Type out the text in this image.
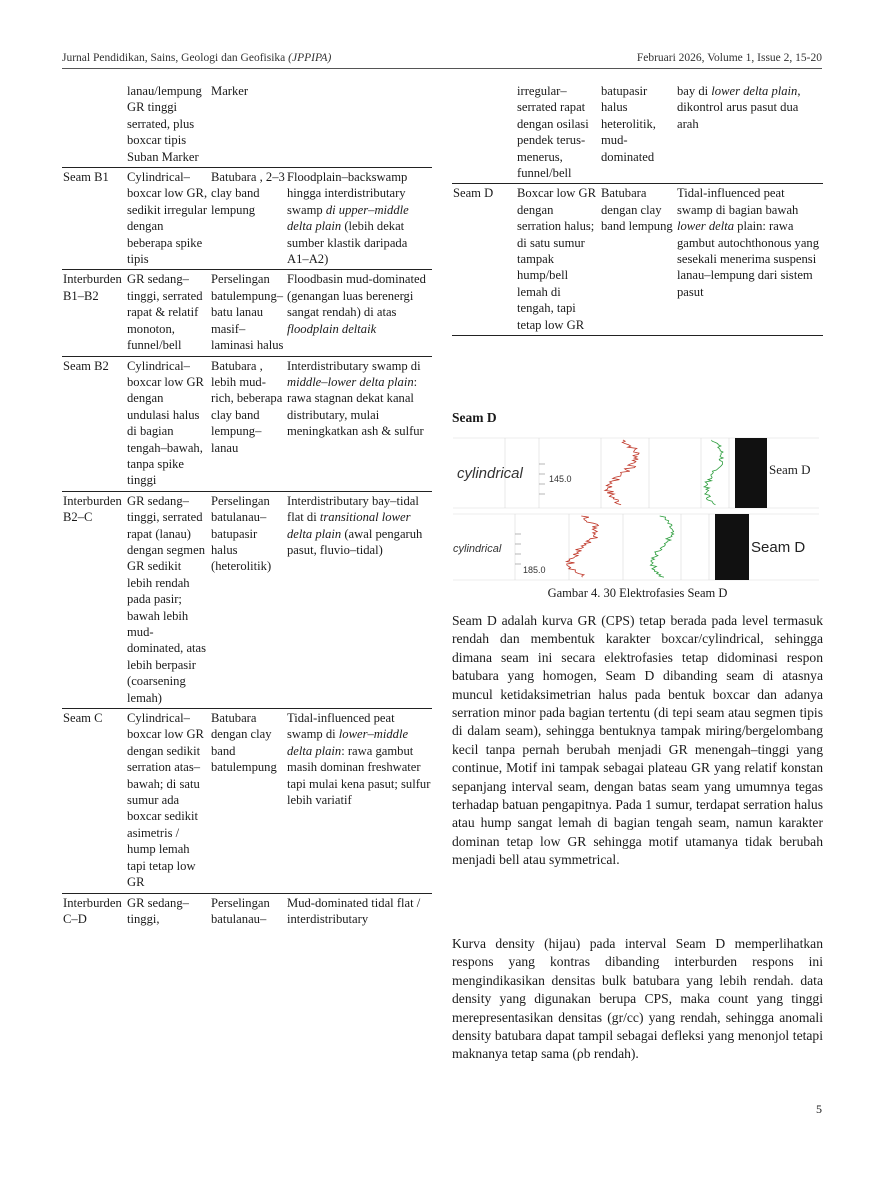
Jurnal Pendidikan, Sains, Geologi dan Geofisika (JPPIPA)	Februari 2026, Volume 1, Issue 2, 15-20
	lanau/lempung GR tinggi serrated, plus boxcar tipis Suban Marker	Marker	
Seam B1	Cylindrical–boxcar low GR, sedikit irregular dengan beberapa spike tipis	Batubara , 2–3 clay band lempung	Floodplain–backswamp hingga interdistributary swamp di upper–middle delta plain (lebih dekat sumber klastik daripada A1–A2)
Interburden B1–B2	GR sedang–tinggi, serrated rapat & relatif monoton, funnel/bell	Perselingan batulempung–batu lanau masif–laminasi halus	Floodbasin mud-dominated (genangan luas berenergi sangat rendah) di atas floodplain deltaik
Seam B2	Cylindrical–boxcar low GR dengan undulasi halus di bagian tengah–bawah, tanpa spike tinggi	Batubara , lebih mud-rich, beberapa clay band lempung–lanau	Interdistributary swamp di middle–lower delta plain: rawa stagnan dekat kanal distributary, mulai meningkatkan ash & sulfur
Interburden B2–C	GR sedang–tinggi, serrated rapat (lanau) dengan segmen GR sedikit lebih rendah pada pasir; bawah lebih mud-dominated, atas lebih berpasir (coarsening lemah)	Perselingan batulanau–batupasir halus (heterolitik)	Interdistributary bay–tidal flat di transitional lower delta plain (awal pengaruh pasut, fluvio–tidal)
Seam C	Cylindrical–boxcar low GR dengan sedikit serration atas–bawah; di satu sumur ada boxcar sedikit asimetris / hump lemah tapi tetap low GR	Batubara dengan clay band batulempung	Tidal-influenced peat swamp di lower–middle delta plain: rawa gambut masih dominan freshwater tapi mulai kena pasut; sulfur lebih variatif
Interburden C–D	GR sedang–tinggi,	Perselingan batulanau–	Mud-dominated tidal flat / interdistributary
	irregular–serrated rapat dengan osilasi pendek terus-menerus, funnel/bell	batupasir halus heterolitik, mud-dominated	bay di lower delta plain, dikontrol arus pasut dua arah
Seam D	Boxcar low GR dengan serration halus; di satu sumur tampak hump/bell lemah di tengah, tapi tetap low GR	Batubara dengan clay band lempung	Tidal-influenced peat swamp di bagian bawah lower delta plain: rawa gambut autochthonous yang sesekali menerima suspensi lanau–lempung dari sistem pasut
Seam D
cylindrical	145.0
Seam D
cylindrical
185.0
Seam D
Gambar 4. 30 Elektrofasies Seam D

Seam D adalah kurva GR (CPS) tetap berada pada level termasuk rendah dan membentuk karakter boxcar/cylindrical, sehingga dimana seam ini secara elektrofasies tetap didominasi respon batubara yang homogen, Seam D dibanding seam di atasnya muncul ketidaksimetrian halus pada bentuk boxcar dan adanya serration minor pada bagian tertentu (di tepi seam atau segmen tipis di dalam seam), sehingga bentuknya tampak miring/bergelombang kecil tanpa pernah berubah menjadi GR menengah–tinggi yang continue, Motif ini tampak sebagai plateau GR yang relatif konstan sepanjang interval seam, dengan batas seam yang umumnya tegas terhadap batuan pengapitnya. Pada 1 sumur, terdapat serration halus atau hump sangat lemah di bagian tengah seam, namun karakter dominan tetap low GR sehingga motif utamanya tidak berubah menjadi bell atau symmetrical.

Kurva density (hijau) pada interval Seam D memperlihatkan respons yang kontras dibanding interburden respons ini mengindikasikan densitas bulk batubara yang lebih rendah. data density yang digunakan berupa CPS, maka count yang tinggi merepresentasikan densitas (gr/cc) yang rendah, sehingga anomali density batubara dapat tampil sebagai defleksi yang menonjol tetapi maknanya tetap sama (ρb rendah).

5
